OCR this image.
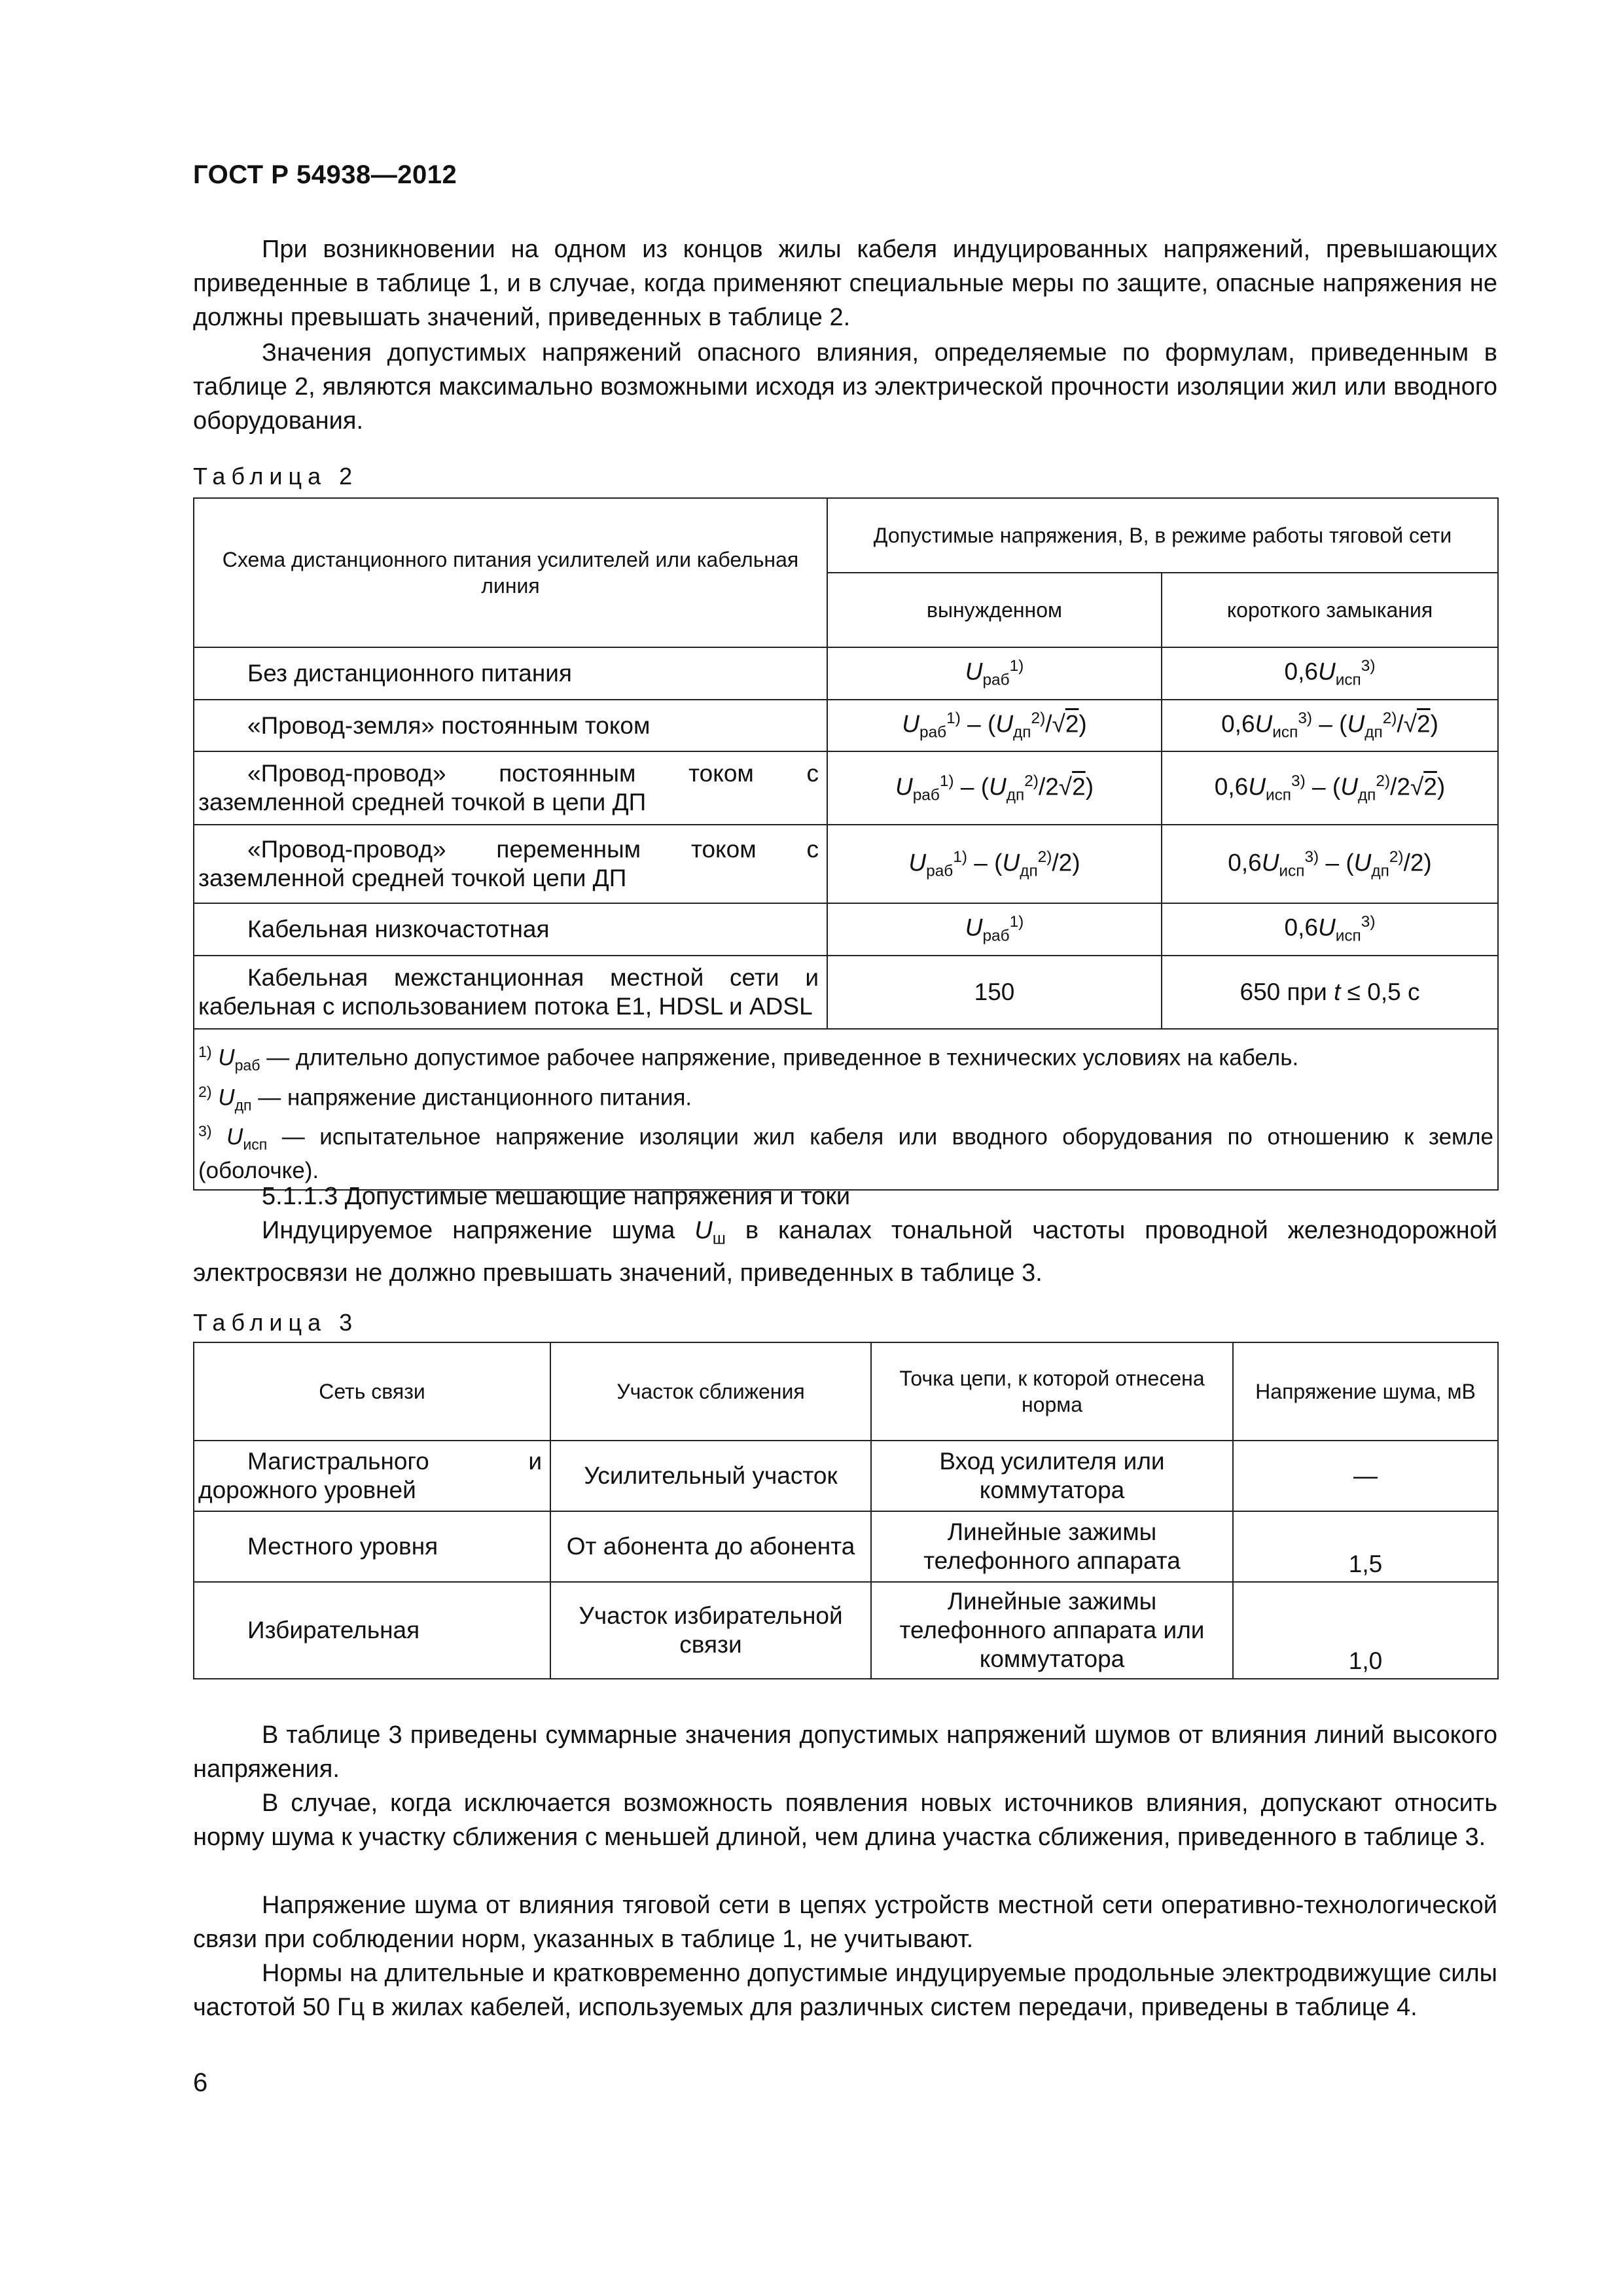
ГОСТ Р 54938—2012

При возникновении на одном из концов жилы кабеля индуцированных напряжений, превышающих приведенные в таблице 1, и в случае, когда применяют специальные меры по защите, опасные напряжения не должны превышать значений, приведенных в таблице 2.

Значения допустимых напряжений опасного влияния, определяемые по формулам, приведенным в таблице 2, являются максимально возможными исходя из электрической прочности изоляции жил или вводного оборудования.

Таблица 2
Схема дистанционного питания усилителей или кабельная линия	Допустимые напряжения, В, в режиме работы тяговой сети	
	вынужденном	короткого замыкания
Без дистанционного питания	$U_{раб}^{1)}$	$0,6U_{исп}^{3)}$
«Провод-земля» постоянным током	$U_{раб}^{1)} - (U_{дп}^{2)}/√2)$	$0,6U_{исп}^{3)} - (U_{дп}^{2)}/√2)$
«Провод-провод» постоянным током с заземленной средней точкой в цепи ДП	$U_{раб}^{1)} - (U_{дп}^{2)}/2√2)$	$0,6U_{исп}^{3)} - (U_{дп}^{2)}/2√2)$
«Провод-провод» переменным током с заземленной средней точкой цепи ДП	$U_{раб}^{1)} - (U_{дп}^{2)}/2)$	$0,6U_{исп}^{3)} - (U_{дп}^{2)}/2)$
Кабельная низкочастотная	$U_{раб}^{1)}$	$0,6U_{исп}^{3)}$
Кабельная межстанционная местной сети и кабельная с использованием потока E1, HDSL и ADSL	150	650 при t ≤ 0,5 с

$^{1)}$ $U_{раб}$ — длительно допустимое рабочее напряжение, приведенное в технических условиях на кабель.

$^{2)}$ $U_{дп}$ — напряжение дистанционного питания.

$^{3)}$ $U_{исп}$ — испытательное напряжение изоляции жил кабеля или вводного оборудования по отношению к земле (оболочке).		

5.1.1.3 Допустимые мешающие напряжения и токи

Индуцируемое напряжение шума $U_ш$ в каналах тональной частоты проводной железнодорожной электросвязи не должно превышать значений, приведенных в таблице 3.

Таблица 3
Сеть связи	Участок сближения	Точка цепи, к которой отнесена норма	Напряжение шума, мВ
Магистрального и дорожного уровней	Усилительный участок	Вход усилителя или коммутатора	—
Местного уровня	От абонента до абонента	Линейные зажимы телефонного аппарата	1,5
Избирательная	Участок избирательной связи	Линейные зажимы телефонного аппарата или коммутатора	1,0

В таблице 3 приведены суммарные значения допустимых напряжений шумов от влияния линий высокого напряжения.

В случае, когда исключается возможность появления новых источников влияния, допускают относить норму шума к участку сближения с меньшей длиной, чем длина участка сближения, приведенного в таблице 3.

Напряжение шума от влияния тяговой сети в цепях устройств местной сети оперативно-технологической связи при соблюдении норм, указанных в таблице 1, не учитывают.

Нормы на длительные и кратковременно допустимые индуцируемые продольные электродвижущие силы частотой 50 Гц в жилах кабелей, используемых для различных систем передачи, приведены в таблице 4.

6
